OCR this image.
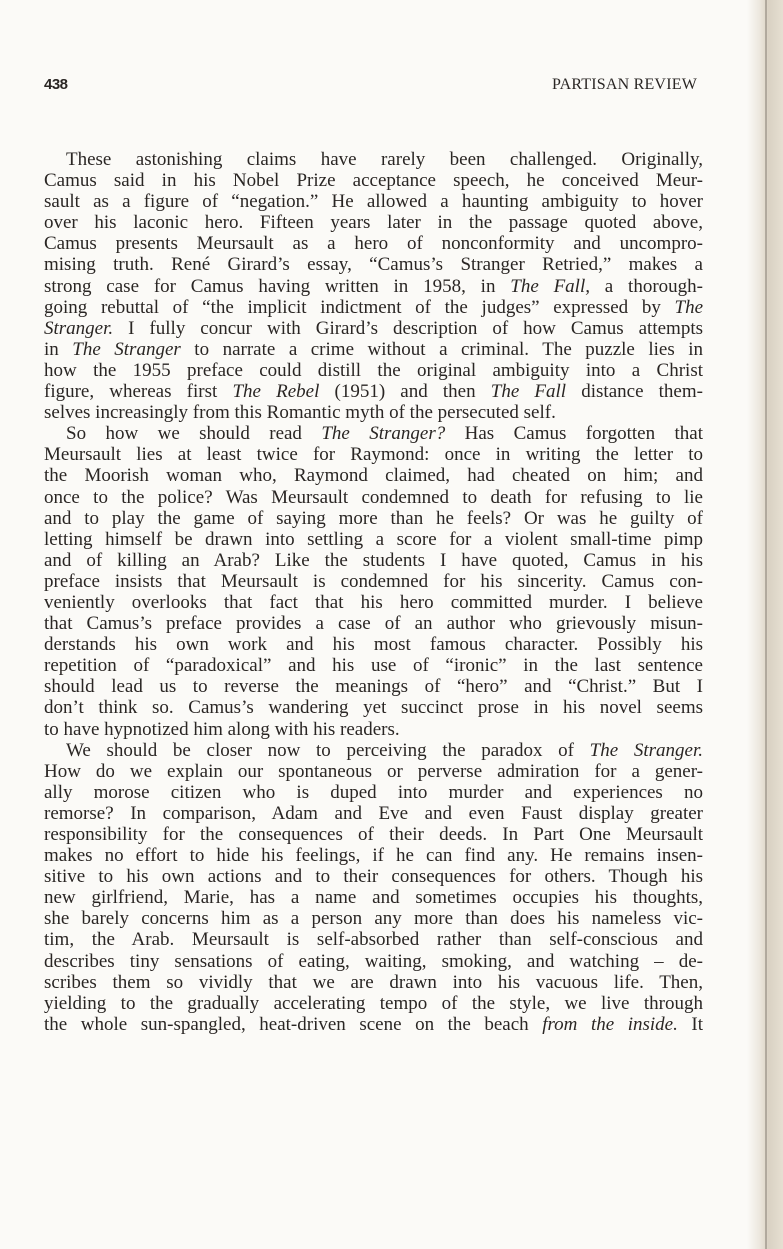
438	PARTISAN REVIEW
These astonishing claims have rarely been challenged. Originally,
Camus said in his Nobel Prize acceptance speech, he conceived Meur-
sault as a figure of “negation.” He allowed a haunting ambiguity to hover
over his laconic hero. Fifteen years later in the passage quoted above,
Camus presents Meursault as a hero of nonconformity and uncompro-
mising truth. René Girard’s essay, “Camus’s Stranger Retried,” makes a
strong case for Camus having written in 1958, in The Fall, a thorough-
going rebuttal of “the implicit indictment of the judges” expressed by The
Stranger. I fully concur with Girard’s description of how Camus attempts
in The Stranger to narrate a crime without a criminal. The puzzle lies in
how the 1955 preface could distill the original ambiguity into a Christ
figure, whereas first The Rebel (1951) and then The Fall distance them-
selves increasingly from this Romantic myth of the persecuted self.
So how we should read The Stranger? Has Camus forgotten that
Meursault lies at least twice for Raymond: once in writing the letter to
the Moorish woman who, Raymond claimed, had cheated on him; and
once to the police? Was Meursault condemned to death for refusing to lie
and to play the game of saying more than he feels? Or was he guilty of
letting himself be drawn into settling a score for a violent small-time pimp
and of killing an Arab? Like the students I have quoted, Camus in his
preface insists that Meursault is condemned for his sincerity. Camus con-
veniently overlooks that fact that his hero committed murder. I believe
that Camus’s preface provides a case of an author who grievously misun-
derstands his own work and his most famous character. Possibly his
repetition of “paradoxical” and his use of “ironic” in the last sentence
should lead us to reverse the meanings of “hero” and “Christ.” But I
don’t think so. Camus’s wandering yet succinct prose in his novel seems
to have hypnotized him along with his readers.
We should be closer now to perceiving the paradox of The Stranger.
How do we explain our spontaneous or perverse admiration for a gener-
ally morose citizen who is duped into murder and experiences no
remorse? In comparison, Adam and Eve and even Faust display greater
responsibility for the consequences of their deeds. In Part One Meursault
makes no effort to hide his feelings, if he can find any. He remains insen-
sitive to his own actions and to their consequences for others. Though his
new girlfriend, Marie, has a name and sometimes occupies his thoughts,
she barely concerns him as a person any more than does his nameless vic-
tim, the Arab. Meursault is self-absorbed rather than self-conscious and
describes tiny sensations of eating, waiting, smoking, and watching – de-
scribes them so vividly that we are drawn into his vacuous life. Then,
yielding to the gradually accelerating tempo of the style, we live through
the whole sun-spangled, heat-driven scene on the beach from the inside. It
